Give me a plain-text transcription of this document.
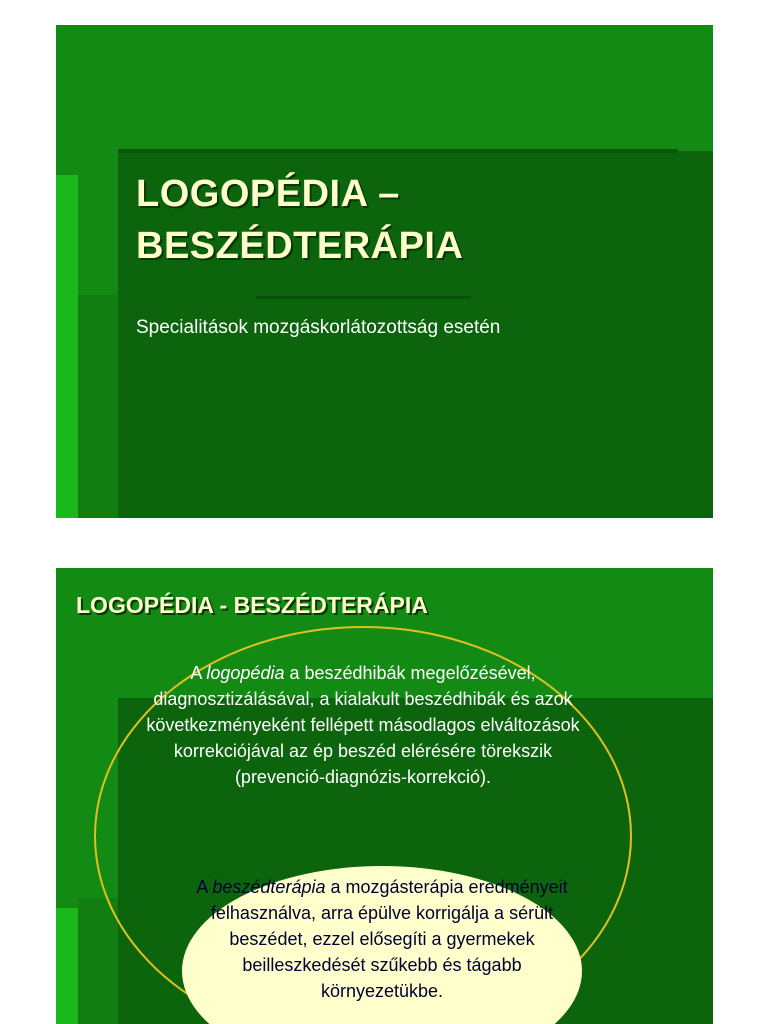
LOGOPÉDIA –
BESZÉDTERÁPIA
Specialitások mozgáskorlátozottság esetén
LOGOPÉDIA - BESZÉDTERÁPIA
A logopédia a beszédhibák megelőzésével, diagnosztizálásával, a kialakult beszédhibák és azok következményeként fellépett másodlagos elváltozások korrekciójával az ép beszéd elérésére törekszik (prevenció-diagnózis-korrekció).
A beszédterápia a mozgásterápia eredményeit felhasználva, arra épülve korrigálja a sérült beszédet, ezzel elősegíti a gyermekek beilleszkedését szűkebb és tágabb környezetükbe.
